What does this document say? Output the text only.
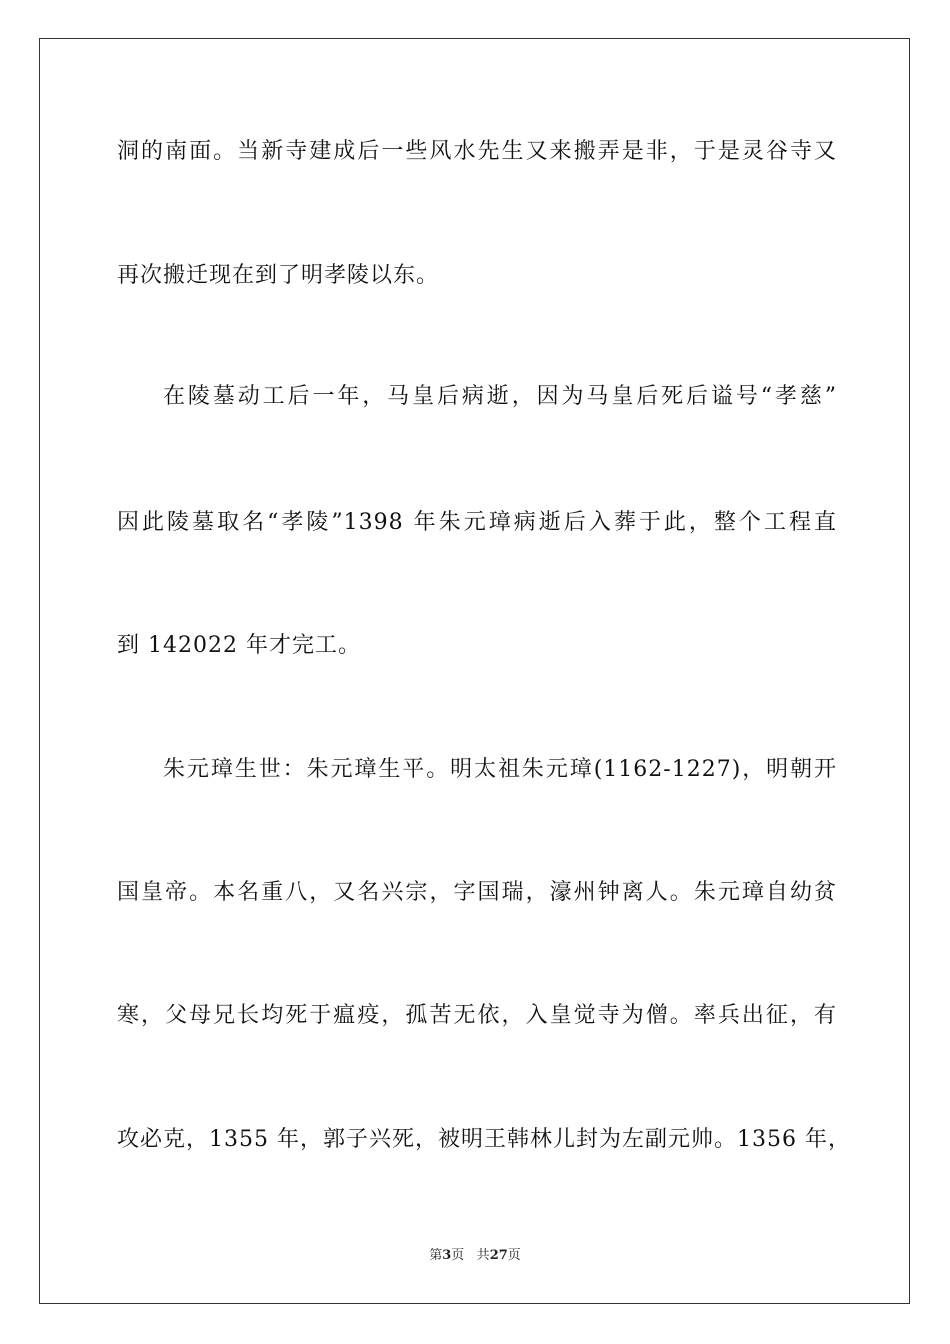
洞的南面。当新寺建成后一些风水先生又来搬弄是非，于是灵谷寺又
再次搬迁现在到了明孝陵以东。
在陵墓动工后一年，马皇后病逝，因为马皇后死后谥号“孝慈”
因此陵墓取名“孝陵”1398 年朱元璋病逝后入葬于此，整个工程直
到 142022 年才完工。
朱元璋生世：朱元璋生平。明太祖朱元璋(1162-1227)，明朝开
国皇帝。本名重八，又名兴宗，字国瑞，濠州钟离人。朱元璋自幼贫
寒，父母兄长均死于瘟疫，孤苦无依，入皇觉寺为僧。率兵出征，有
攻必克，1355 年，郭子兴死，被明王韩林儿封为左副元帅。1356 年，
第3页 共27页
